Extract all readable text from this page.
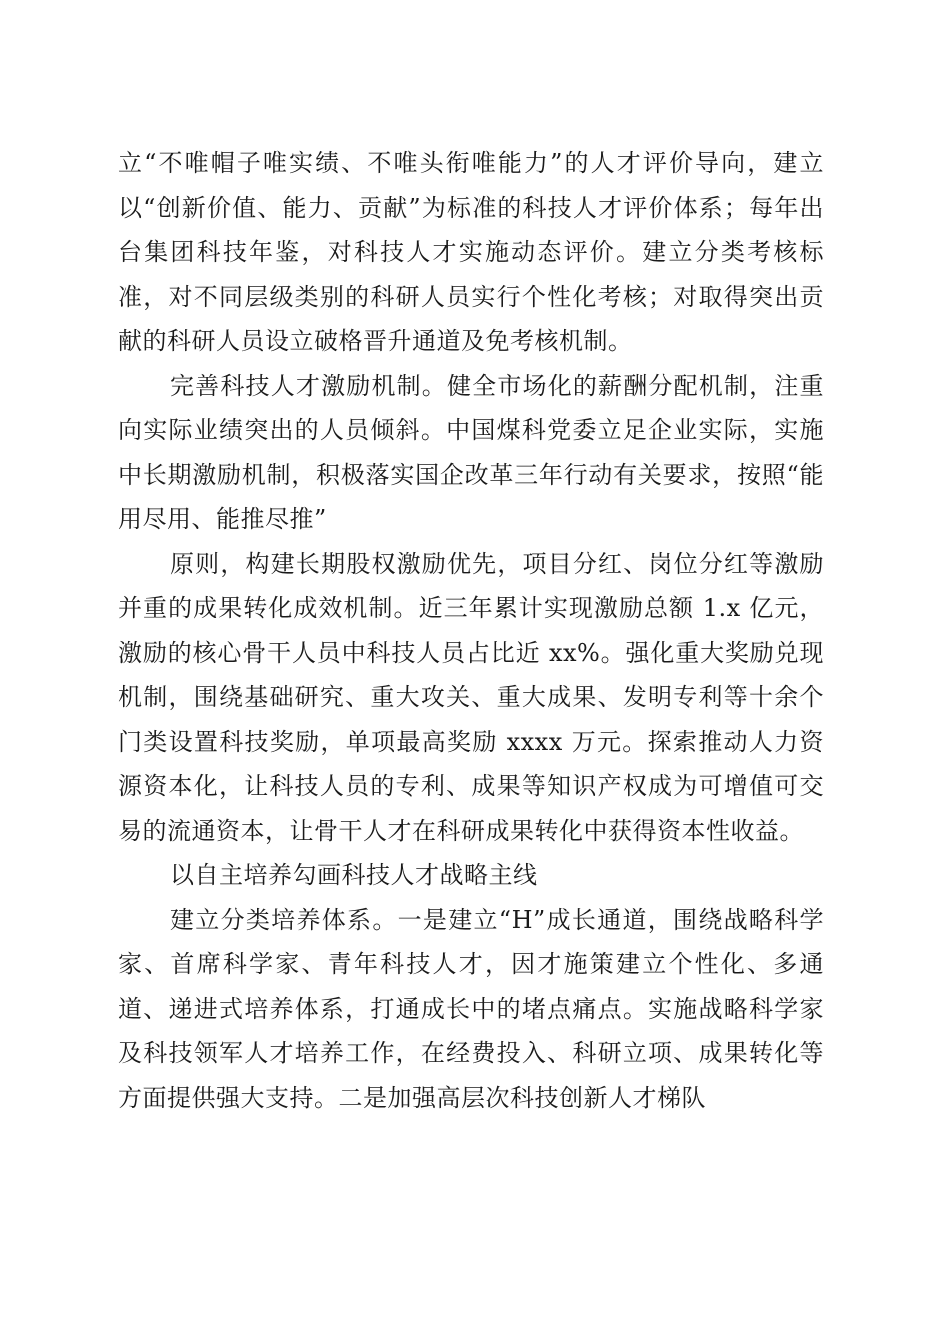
立“不唯帽子唯实绩、不唯头衔唯能力”的人才评价导向，建立以“创新价值、能力、贡献”为标准的科技人才评价体系；每年出台集团科技年鉴，对科技人才实施动态评价。建立分类考核标准，对不同层级类别的科研人员实行个性化考核；对取得突出贡献的科研人员设立破格晋升通道及免考核机制。

完善科技人才激励机制。健全市场化的薪酬分配机制，注重向实际业绩突出的人员倾斜。中国煤科党委立足企业实际，实施中长期激励机制，积极落实国企改革三年行动有关要求，按照“能用尽用、能推尽推”

原则，构建长期股权激励优先，项目分红、岗位分红等激励并重的成果转化成效机制。近三年累计实现激励总额 1.x 亿元，激励的核心骨干人员中科技人员占比近 xx%。强化重大奖励兑现机制，围绕基础研究、重大攻关、重大成果、发明专利等十余个门类设置科技奖励，单项最高奖励 xxxx 万元。探索推动人力资源资本化，让科技人员的专利、成果等知识产权成为可增值可交易的流通资本，让骨干人才在科研成果转化中获得资本性收益。

以自主培养勾画科技人才战略主线

建立分类培养体系。一是建立“H”成长通道，围绕战略科学家、首席科学家、青年科技人才，因才施策建立个性化、多通道、递进式培养体系，打通成长中的堵点痛点。实施战略科学家及科技领军人才培养工作，在经费投入、科研立项、成果转化等方面提供强大支持。二是加强高层次科技创新人才梯队
